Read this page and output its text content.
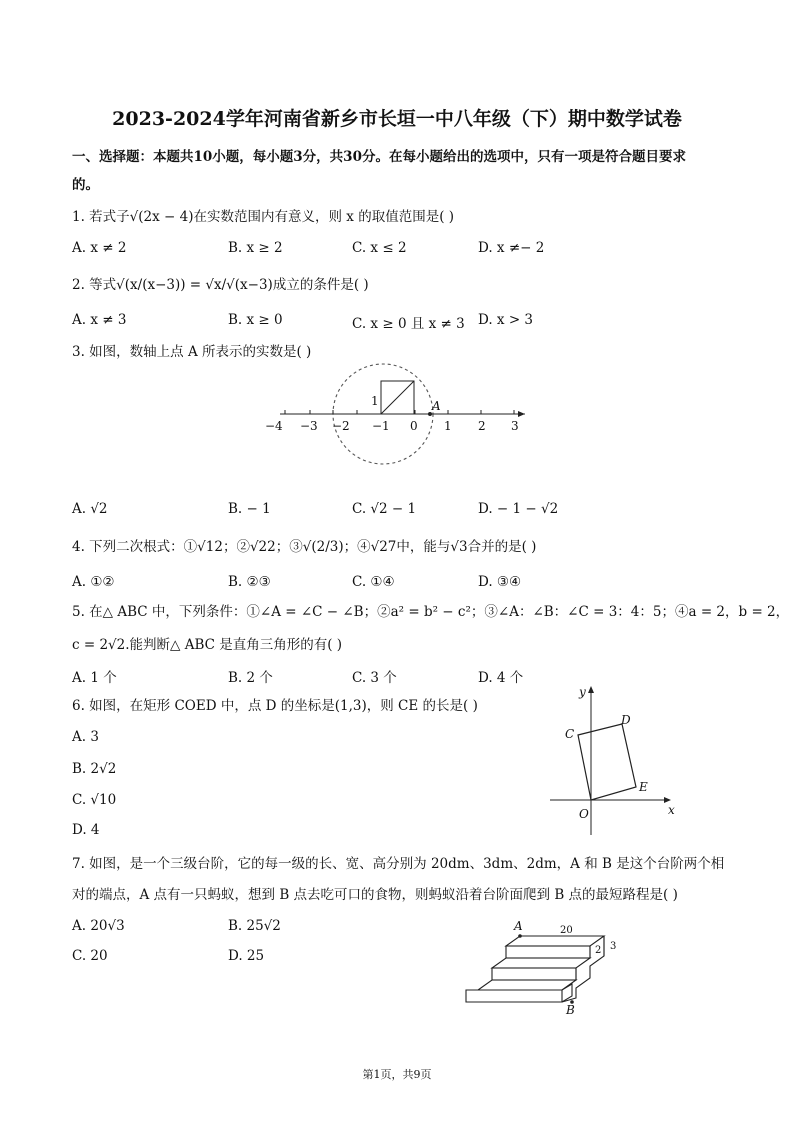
2023-2024学年河南省新乡市长垣一中八年级（下）期中数学试卷
一、选择题：本题共10小题，每小题3分，共30分。在每小题给出的选项中，只有一项是符合题目要求
的。
1. 若式子√(2x − 4)在实数范围内有意义，则 x 的取值范围是( )
A. x ≠ 2	B. x ≥ 2	C. x ≤ 2	D. x ≠− 2
2. 等式√(x/(x−3)) = √x/√(x−3)成立的条件是( )
A. x ≠ 3	B. x ≥ 0	C. x ≥ 0 且 x ≠ 3 D. x > 3
3. 如图，数轴上点 A 所表示的实数是( )
−4 −3 −2 −1 0 1 2 3
1	A
A. √2	B. − 1	C. √2 − 1	D. − 1 − √2
4. 下列二次根式：①√12；②√22；③√(2/3)；④√27中，能与√3合并的是( )
A. ①②	B. ②③	C. ①④	D. ③④
5. 在△ ABC 中，下列条件：①∠A = ∠C − ∠B；②a² = b² − c²；③∠A：∠B：∠C = 3：4：5；④a = 2，b = 2，
c = 2√2.能判断△ ABC 是直角三角形的有( )
A. 1 个	B. 2 个	C. 3 个	D. 4 个
6. 如图，在矩形 COED 中，点 D 的坐标是(1,3)，则 CE 的长是( )
A. 3
B. 2√2
C. √10
D. 4
y
x
O
C
D
E
7. 如图，是一个三级台阶，它的每一级的长、宽、高分别为 20dm、3dm、2dm，A 和 B 是这个台阶两个相
对的端点，A 点有一只蚂蚁，想到 B 点去吃可口的食物，则蚂蚁沿着台阶面爬到 B 点的最短路程是( )
A. 20√3	B. 25√2
C. 20	D. 25
A	20
2 3
B
第1页，共9页
